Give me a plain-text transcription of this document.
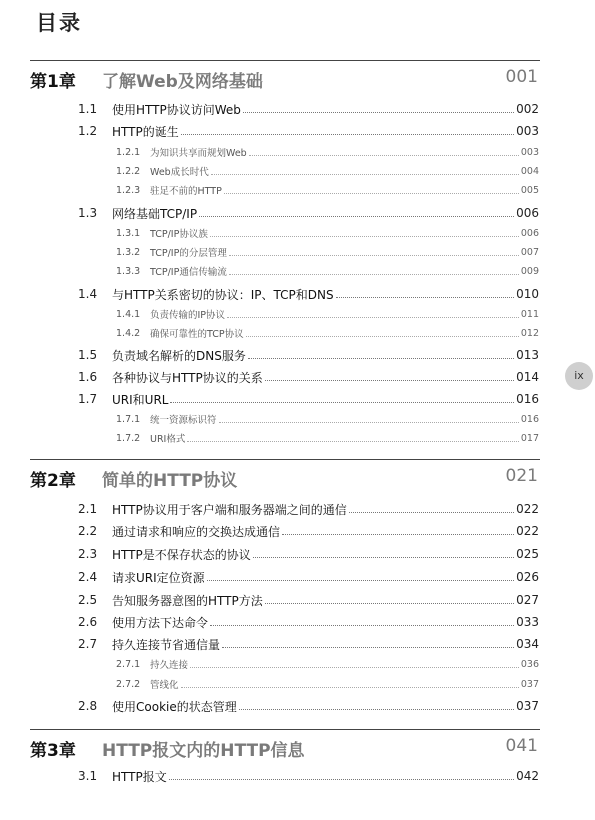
目录
第1章 了解Web及网络基础	001
1.1 使用HTTP协议访问Web	002
1.2 HTTP的诞生	003
1.2.1 为知识共享而规划Web	003
1.2.2 Web成长时代	004
1.2.3 驻足不前的HTTP	005
1.3 网络基础TCP/IP	006
1.3.1 TCP/IP协议族	006
1.3.2 TCP/IP的分层管理	007
1.3.3 TCP/IP通信传输流	009
1.4 与HTTP关系密切的协议：IP、TCP和DNS	010
1.4.1 负责传输的IP协议	011
1.4.2 确保可靠性的TCP协议	012
1.5 负责域名解析的DNS服务	013
1.6 各种协议与HTTP协议的关系	014
1.7 URI和URL	016
1.7.1 统一资源标识符	016
1.7.2 URI格式	017
第2章 简单的HTTP协议	021
2.1 HTTP协议用于客户端和服务器端之间的通信	022
2.2 通过请求和响应的交换达成通信	022
2.3 HTTP是不保存状态的协议	025
2.4 请求URI定位资源	026
2.5 告知服务器意图的HTTP方法	027
2.6 使用方法下达命令	033
2.7 持久连接节省通信量	034
2.7.1 持久连接	036
2.7.2 管线化	037
2.8 使用Cookie的状态管理	037
第3章 HTTP报文内的HTTP信息	041
3.1 HTTP报文	042
ix
